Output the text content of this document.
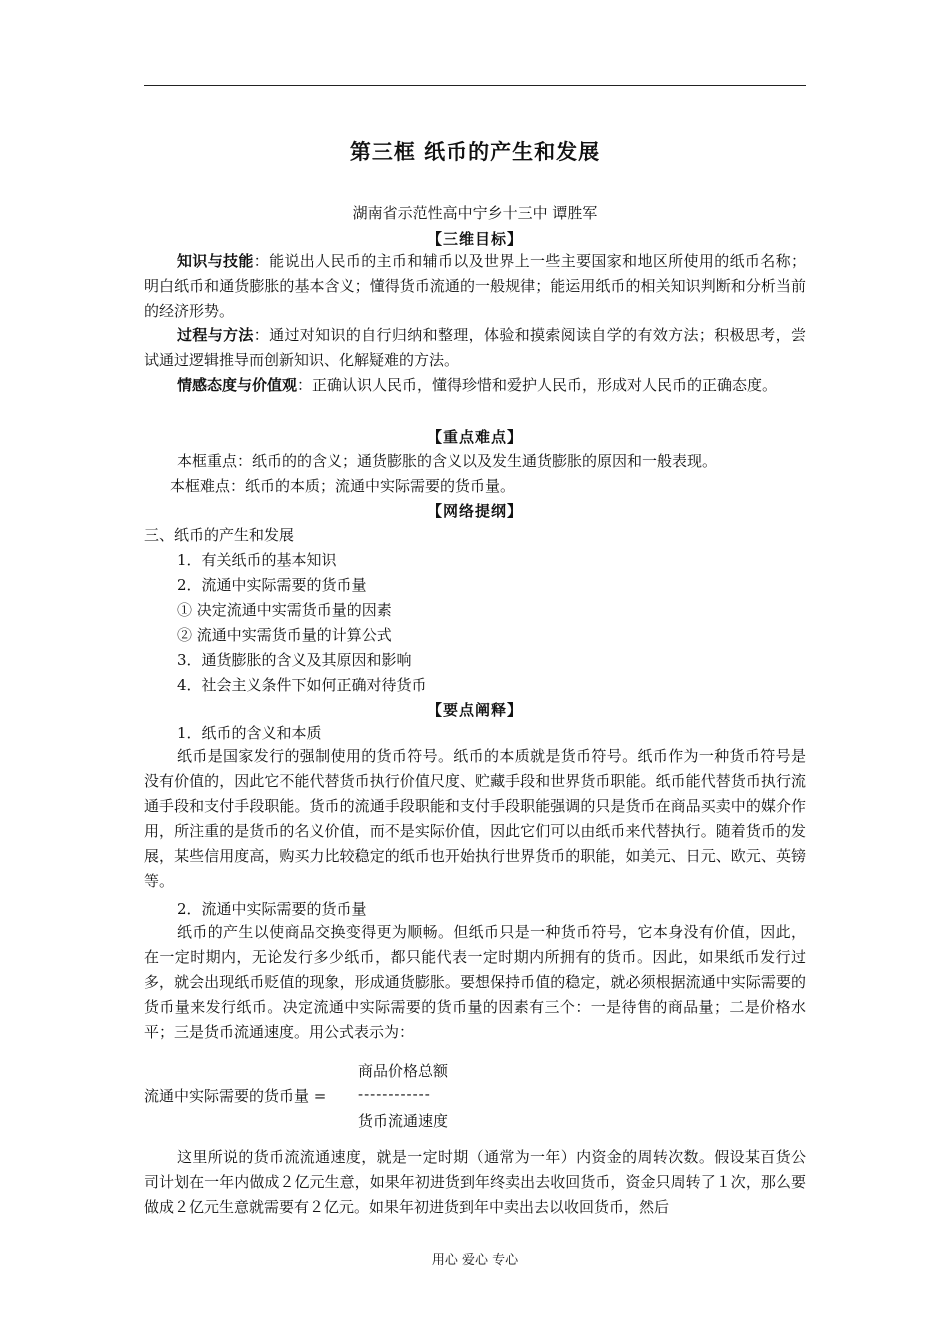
第三框 纸币的产生和发展
湖南省示范性高中宁乡十三中 谭胜军
【三维目标】
知识与技能：能说出人民币的主币和辅币以及世界上一些主要国家和地区所使用的纸币名称；明白纸币和通货膨胀的基本含义；懂得货币流通的一般规律；能运用纸币的相关知识判断和分析当前的经济形势。
过程与方法：通过对知识的自行归纳和整理，体验和摸索阅读自学的有效方法；积极思考，尝试通过逻辑推导而创新知识、化解疑难的方法。
情感态度与价值观：正确认识人民币，懂得珍惜和爱护人民币，形成对人民币的正确态度。
【重点难点】
本框重点：纸币的的含义；通货膨胀的含义以及发生通货膨胀的原因和一般表现。
本框难点：纸币的本质；流通中实际需要的货币量。
【网络提纲】
三、纸币的产生和发展
1．有关纸币的基本知识
2．流通中实际需要的货币量
① 决定流通中实需货币量的因素
② 流通中实需货币量的计算公式
3．通货膨胀的含义及其原因和影响
4．社会主义条件下如何正确对待货币
【要点阐释】
1．纸币的含义和本质
纸币是国家发行的强制使用的货币符号。纸币的本质就是货币符号。纸币作为一种货币符号是没有价值的，因此它不能代替货币执行价值尺度、贮藏手段和世界货币职能。纸币能代替货币执行流通手段和支付手段职能。货币的流通手段职能和支付手段职能强调的只是货币在商品买卖中的媒介作用，所注重的是货币的名义价值，而不是实际价值，因此它们可以由纸币来代替执行。随着货币的发展，某些信用度高，购买力比较稳定的纸币也开始执行世界货币的职能，如美元、日元、欧元、英镑等。
2．流通中实际需要的货币量
纸币的产生以使商品交换变得更为顺畅。但纸币只是一种货币符号，它本身没有价值，因此，在一定时期内，无论发行多少纸币，都只能代表一定时期内所拥有的货币。因此，如果纸币发行过多，就会出现纸币贬值的现象，形成通货膨胀。要想保持币值的稳定，就必须根据流通中实际需要的货币量来发行纸币。决定流通中实际需要的货币量的因素有三个：一是待售的商品量；二是价格水平；三是货币流通速度。用公式表示为：
商品价格总额
流通中实际需要的货币量 = ------------
货币流通速度
这里所说的货币流流通速度，就是一定时期（通常为一年）内资金的周转次数。假设某百货公司计划在一年内做成２亿元生意，如果年初进货到年终卖出去收回货币，资金只周转了１次，那么要做成２亿元生意就需要有２亿元。如果年初进货到年中卖出去以收回货币，然后
用心 爱心 专心
